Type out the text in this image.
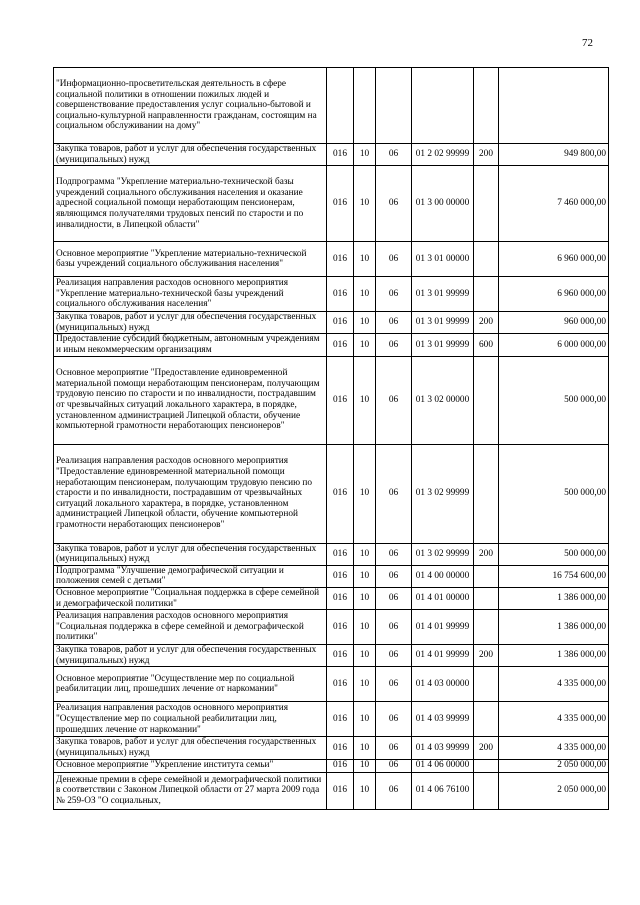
72
"Информационно-просветительская деятельность в сфере социальной политики в отношении пожилых людей и совершенствование предоставления услуг социально-бытовой и социально-культурной направленности гражданам, состоящим на социальном обслуживании на дому"						
Закупка товаров, работ и услуг для обеспечения государственных (муниципальных) нужд	016	10	06	01 2 02 99999	200	949 800,00
Подпрограмма "Укрепление материально-технической базы учреждений социального обслуживания населения и оказание адресной социальной помощи неработающим пенсионерам, являющимся получателями трудовых пенсий по старости и по инвалидности, в Липецкой области"	016	10	06	01 3 00 00000		7 460 000,00
Основное мероприятие "Укрепление материально-технической базы учреждений социального обслуживания населения"	016	10	06	01 3 01 00000		6 960 000,00
Реализация направления расходов основного мероприятия "Укрепление материально-технической базы учреждений социального обслуживания населения"	016	10	06	01 3 01 99999		6 960 000,00
Закупка товаров, работ и услуг для обеспечения государственных (муниципальных) нужд	016	10	06	01 3 01 99999	200	960 000,00
Предоставление субсидий бюджетным, автономным учреждениям и иным некоммерческим организациям	016	10	06	01 3 01 99999	600	6 000 000,00
Основное мероприятие "Предоставление единовременной материальной помощи неработающим пенсионерам, получающим трудовую пенсию по старости и по инвалидности, пострадавшим от чрезвычайных ситуаций локального характера, в порядке, установленном администрацией Липецкой области, обучение компьютерной грамотности неработающих пенсионеров"	016	10	06	01 3 02 00000		500 000,00
Реализация направления расходов основного мероприятия "Предоставление единовременной материальной помощи неработающим пенсионерам, получающим трудовую пенсию по старости и по инвалидности, пострадавшим от чрезвычайных ситуаций локального характера, в порядке, установленном администрацией Липецкой области, обучение компьютерной грамотности неработающих пенсионеров"	016	10	06	01 3 02 99999		500 000,00
Закупка товаров, работ и услуг для обеспечения государственных (муниципальных) нужд	016	10	06	01 3 02 99999	200	500 000,00
Подпрограмма "Улучшение демографической ситуации и положения семей с детьми"	016	10	06	01 4 00 00000		16 754 600,00
Основное мероприятие "Социальная поддержка в сфере семейной и демографической политики"	016	10	06	01 4 01 00000		1 386 000,00
Реализация направления расходов основного мероприятия "Социальная поддержка в сфере семейной и демографической политики"	016	10	06	01 4 01 99999		1 386 000,00
Закупка товаров, работ и услуг для обеспечения государственных (муниципальных) нужд	016	10	06	01 4 01 99999	200	1 386 000,00
Основное мероприятие "Осуществление мер по социальной реабилитации лиц, прошедших лечение от наркомании"	016	10	06	01 4 03 00000		4 335 000,00
Реализация направления расходов основного мероприятия "Осуществление мер по социальной реабилитации лиц, прошедших лечение от наркомании"	016	10	06	01 4 03 99999		4 335 000,00
Закупка товаров, работ и услуг для обеспечения государственных (муниципальных) нужд	016	10	06	01 4 03 99999	200	4 335 000,00
Основное мероприятие "Укрепление института семьи"	016	10	06	01 4 06 00000		2 050 000,00
Денежные премии в сфере семейной и демографической политики в соответствии с Законом Липецкой области от 27 марта 2009 года № 259-ОЗ "О социальных,	016	10	06	01 4 06 76100		2 050 000,00
